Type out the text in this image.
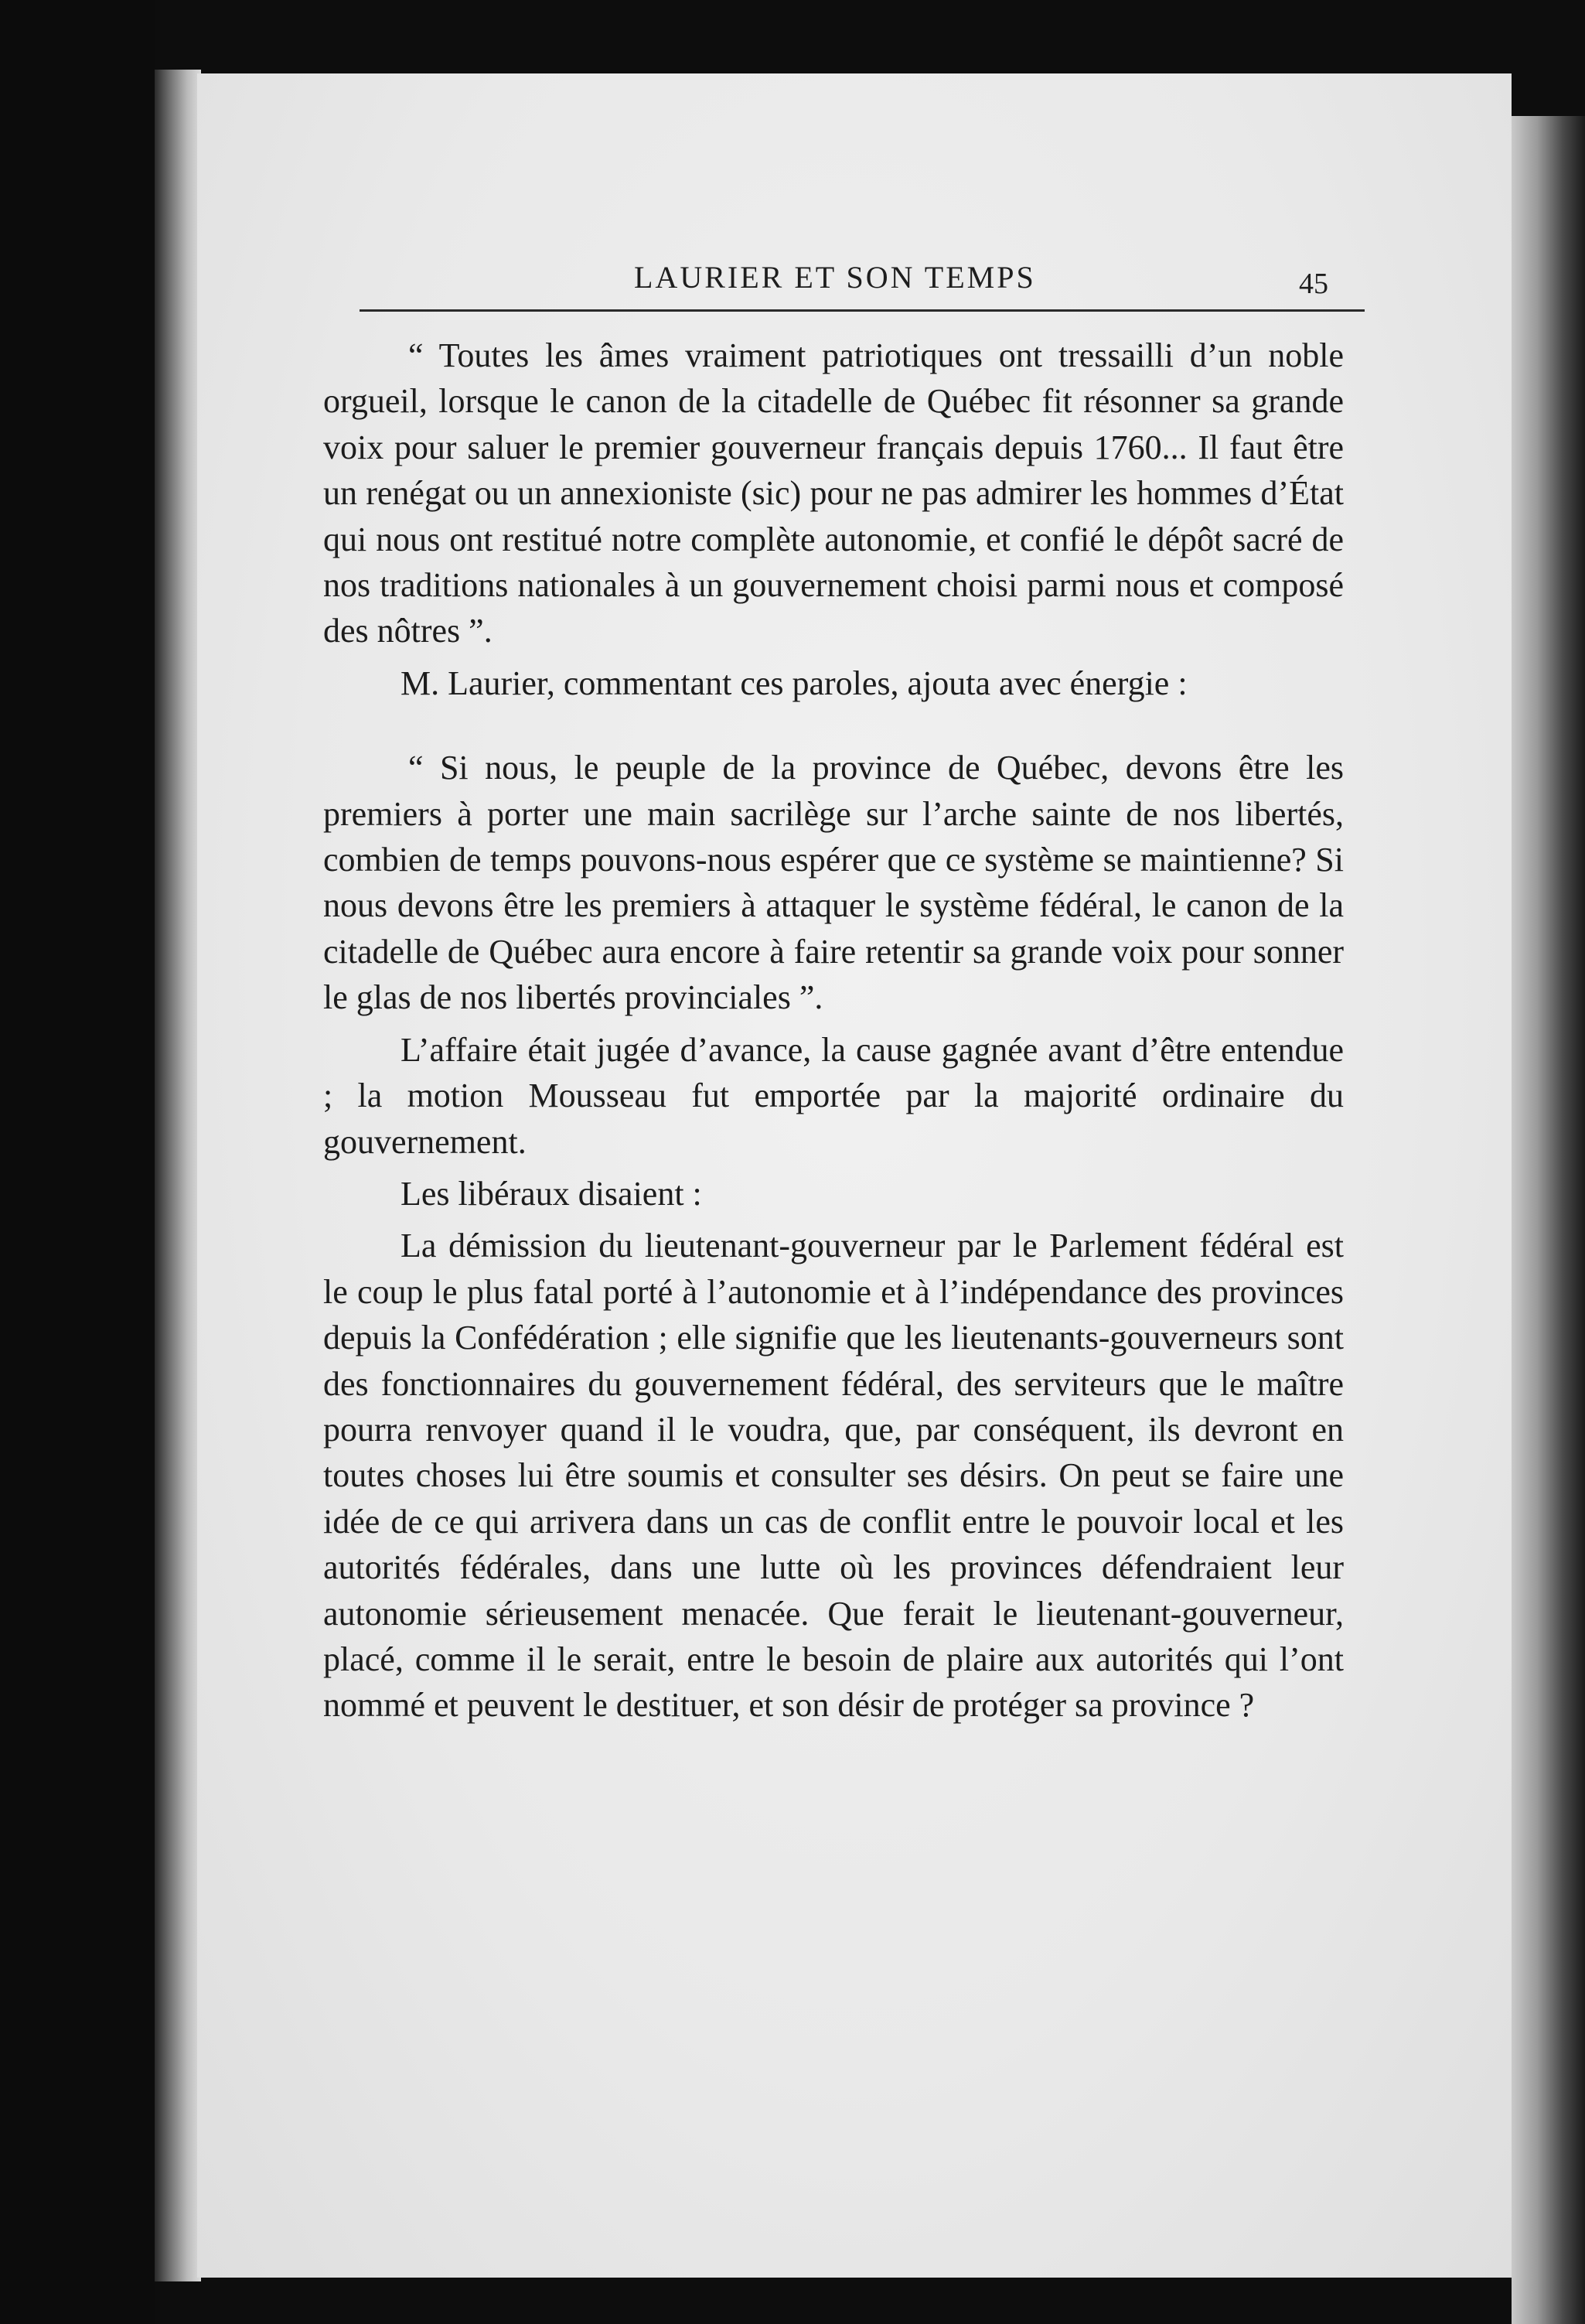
LAURIER ET SON TEMPS	45

“ Toutes les âmes vraiment patriotiques ont tressailli d’un noble orgueil, lorsque le canon de la citadelle de Québec fit résonner sa grande voix pour saluer le premier gouverneur français depuis 1760... Il faut être un renégat ou un annexioniste (sic) pour ne pas admirer les hommes d’État qui nous ont restitué notre complète autonomie, et confié le dépôt sacré de nos traditions nationales à un gouvernement choisi parmi nous et composé des nôtres ”.

M. Laurier, commentant ces paroles, ajouta avec énergie :

“ Si nous, le peuple de la province de Québec, devons être les premiers à porter une main sacrilège sur l’arche sainte de nos libertés, combien de temps pouvons-nous espérer que ce système se maintienne? Si nous devons être les premiers à attaquer le système fédéral, le canon de la citadelle de Québec aura encore à faire retentir sa grande voix pour sonner le glas de nos libertés provinciales ”.

L’affaire était jugée d’avance, la cause gagnée avant d’être entendue ; la motion Mousseau fut emportée par la majorité ordinaire du gouvernement.

Les libéraux disaient :

La démission du lieutenant-gouverneur par le Parlement fédéral est le coup le plus fatal porté à l’autonomie et à l’indépendance des provinces depuis la Confédération ; elle signifie que les lieutenants-gouverneurs sont des fonctionnaires du gouvernement fédéral, des serviteurs que le maître pourra renvoyer quand il le voudra, que, par conséquent, ils devront en toutes choses lui être soumis et consulter ses désirs. On peut se faire une idée de ce qui arrivera dans un cas de conflit entre le pouvoir local et les autorités fédérales, dans une lutte où les provinces défendraient leur autonomie sérieusement menacée. Que ferait le lieutenant-gouverneur, placé, comme il le serait, entre le besoin de plaire aux autorités qui l’ont nommé et peuvent le destituer, et son désir de protéger sa province ?
